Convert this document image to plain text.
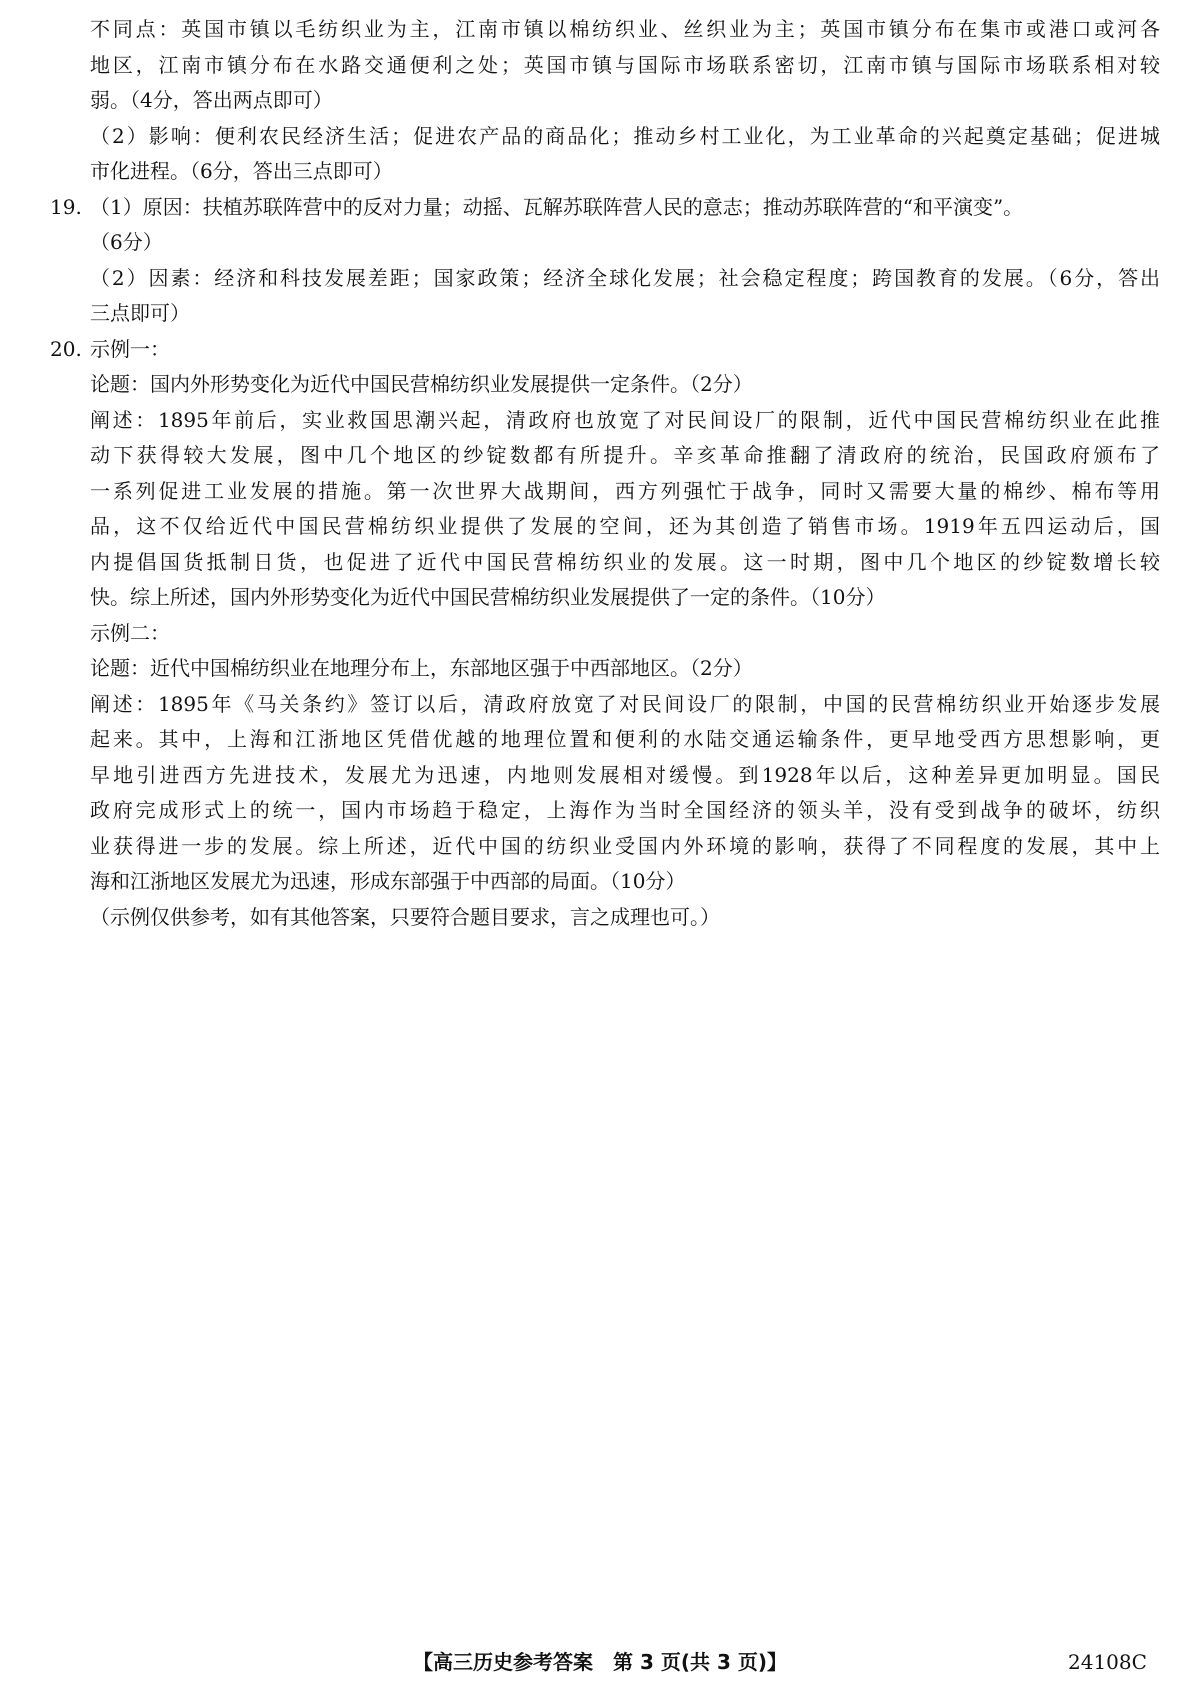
不同点：英国市镇以毛纺织业为主，江南市镇以棉纺织业、丝织业为主；英国市镇分布在集市或港口或河各
地区，江南市镇分布在水路交通便利之处；英国市镇与国际市场联系密切，江南市镇与国际市场联系相对较
弱。（4分，答出两点即可）
（2）影响：便利农民经济生活；促进农产品的商品化；推动乡村工业化，为工业革命的兴起奠定基础；促进城
市化进程。（6分，答出三点即可）
19. （1）原因：扶植苏联阵营中的反对力量；动摇、瓦解苏联阵营人民的意志；推动苏联阵营的“和平演变”。
（6分）
（2）因素：经济和科技发展差距；国家政策；经济全球化发展；社会稳定程度；跨国教育的发展。（6分，答出
三点即可）
20. 示例一：
论题：国内外形势变化为近代中国民营棉纺织业发展提供一定条件。（2分）
阐述：1895年前后，实业救国思潮兴起，清政府也放宽了对民间设厂的限制，近代中国民营棉纺织业在此推
动下获得较大发展，图中几个地区的纱锭数都有所提升。辛亥革命推翻了清政府的统治，民国政府颁布了
一系列促进工业发展的措施。第一次世界大战期间，西方列强忙于战争，同时又需要大量的棉纱、棉布等用
品，这不仅给近代中国民营棉纺织业提供了发展的空间，还为其创造了销售市场。1919年五四运动后，国
内提倡国货抵制日货，也促进了近代中国民营棉纺织业的发展。这一时期，图中几个地区的纱锭数增长较
快。综上所述，国内外形势变化为近代中国民营棉纺织业发展提供了一定的条件。（10分）
示例二：
论题：近代中国棉纺织业在地理分布上，东部地区强于中西部地区。（2分）
阐述：1895年《马关条约》签订以后，清政府放宽了对民间设厂的限制，中国的民营棉纺织业开始逐步发展
起来。其中，上海和江浙地区凭借优越的地理位置和便利的水陆交通运输条件，更早地受西方思想影响，更
早地引进西方先进技术，发展尤为迅速，内地则发展相对缓慢。到1928年以后，这种差异更加明显。国民
政府完成形式上的统一，国内市场趋于稳定，上海作为当时全国经济的领头羊，没有受到战争的破坏，纺织
业获得进一步的发展。综上所述，近代中国的纺织业受国内外环境的影响，获得了不同程度的发展，其中上
海和江浙地区发展尤为迅速，形成东部强于中西部的局面。（10分）
（示例仅供参考，如有其他答案，只要符合题目要求，言之成理也可。）
【高三历史参考答案　第 3 页(共 3 页)】	24108C
